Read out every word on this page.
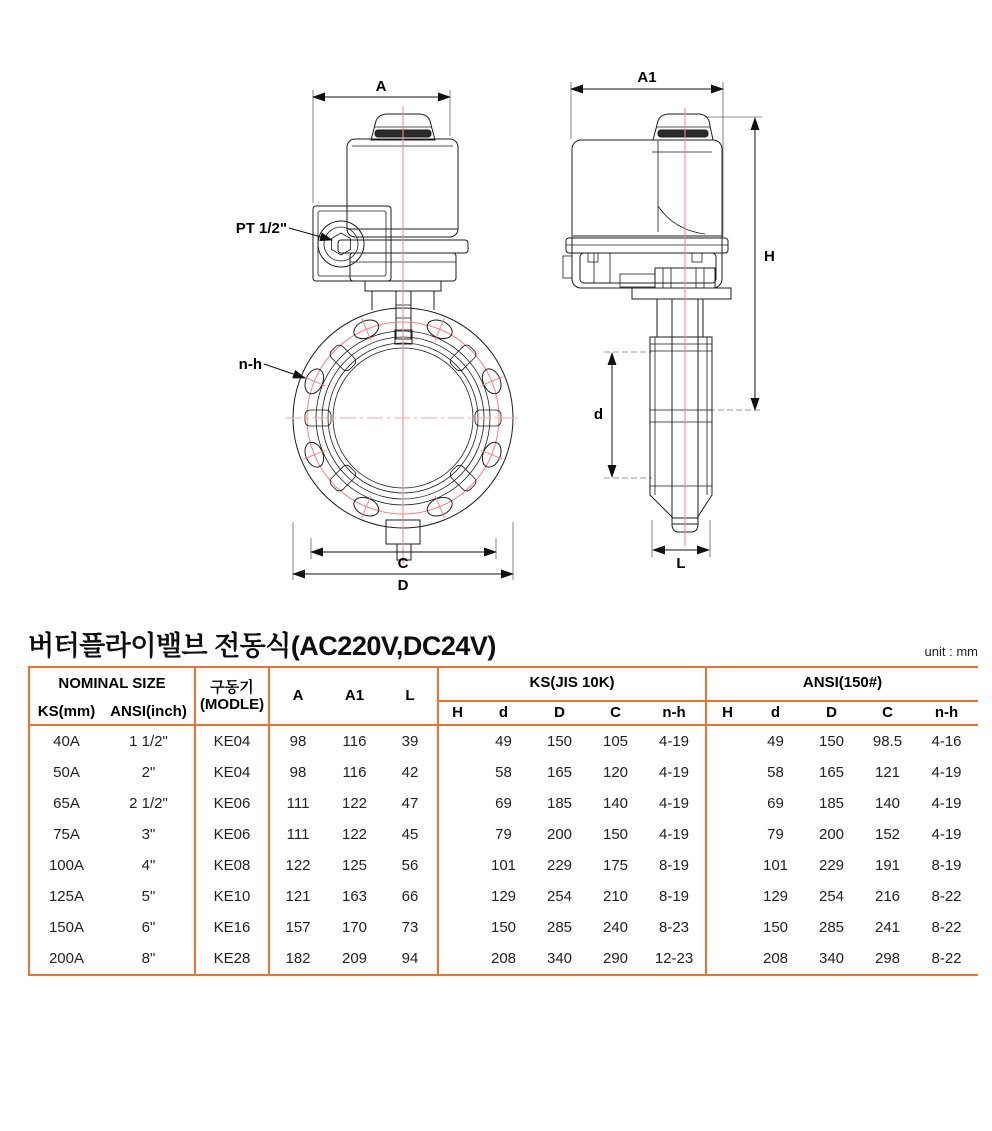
A
PT 1/2"
n-h
C
D
A1
H
d
L
버터플라이밸브 전동식(AC220V,DC24V)	unit : mm
NOMINAL SIZE		구동기
(MODLE)	A	A1	L	KS(JIS 10K)					ANSI(150#)				
KS(mm)	ANSI(inch)					H	d	D	C	n-h	H	d	D	C	n-h
40A	1 1/2"	KE04	98	116	39		49	150	105	4-19		49	150	98.5	4-16
50A	2"	KE04	98	116	42		58	165	120	4-19		58	165	121	4-19
65A	2 1/2"	KE06	111	122	47		69	185	140	4-19		69	185	140	4-19
75A	3"	KE06	111	122	45		79	200	150	4-19		79	200	152	4-19
100A	4"	KE08	122	125	56		101	229	175	8-19		101	229	191	8-19
125A	5"	KE10	121	163	66		129	254	210	8-19		129	254	216	8-22
150A	6"	KE16	157	170	73		150	285	240	8-23		150	285	241	8-22
200A	8"	KE28	182	209	94		208	340	290	12-23		208	340	298	8-22
